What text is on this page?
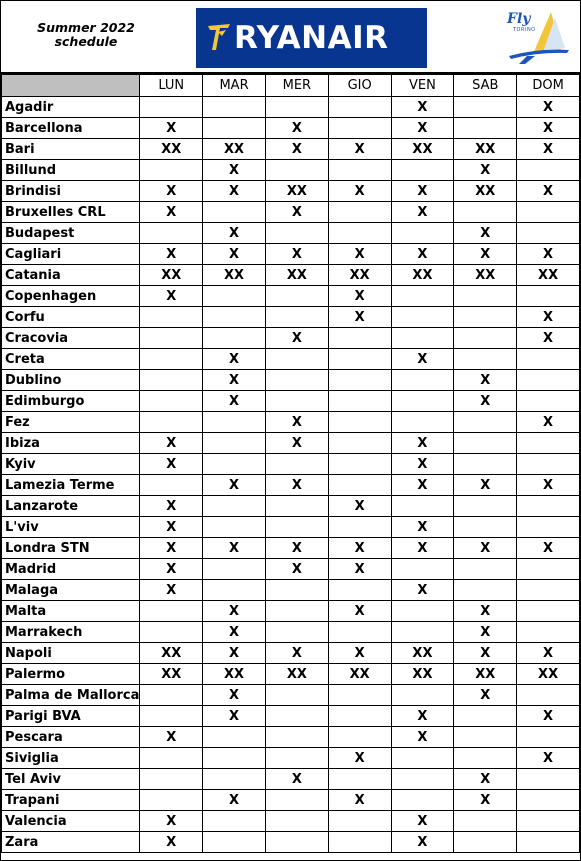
Summer 2022
schedule	RYANAIR
Fly
TORINO
	LUN	MAR	MER	GIO	VEN	SAB	DOM
Agadir					X		X
Barcellona	X		X		X		X
Bari	XX	XX	X	X	XX	XX	X
Billund		X				X	
Brindisi	X	X	XX	X	X	XX	X
Bruxelles CRL	X		X		X		
Budapest		X				X	
Cagliari	X	X	X	X	X	X	X
Catania	XX	XX	XX	XX	XX	XX	XX
Copenhagen	X			X			
Corfu				X			X
Cracovia			X				X
Creta		X			X		
Dublino		X				X	
Edimburgo		X				X	
Fez			X				X
Ibiza	X		X		X		
Kyiv	X				X		
Lamezia Terme		X	X		X	X	X
Lanzarote	X			X			
L'viv	X				X		
Londra STN	X	X	X	X	X	X	X
Madrid	X		X	X			
Malaga	X				X		
Malta		X		X		X	
Marrakech		X				X	
Napoli	XX	X	X	X	XX	X	X
Palermo	XX	XX	XX	XX	XX	XX	XX
Palma de Mallorca		X				X	
Parigi BVA		X			X		X
Pescara	X				X		
Siviglia				X			X
Tel Aviv			X			X	
Trapani		X		X		X	
Valencia	X				X		
Zara	X				X		
